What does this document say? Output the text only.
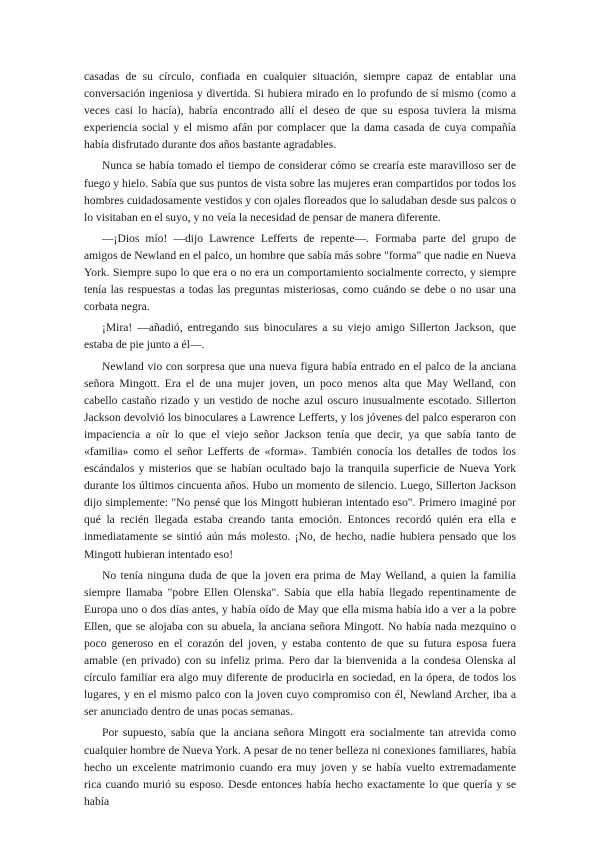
casadas de su círculo, confiada en cualquier situación, siempre capaz de entablar una conversación ingeniosa y divertida. Si hubiera mirado en lo profundo de sí mismo (como a veces casi lo hacía), habría encontrado allí el deseo de que su esposa tuviera la misma experiencia social y el mismo afán por complacer que la dama casada de cuya compañía había disfrutado durante dos años bastante agradables.

Nunca se había tomado el tiempo de considerar cómo se crearía este maravilloso ser de fuego y hielo. Sabía que sus puntos de vista sobre las mujeres eran compartidos por todos los hombres cuidadosamente vestidos y con ojales floreados que lo saludaban desde sus palcos o lo visitaban en el suyo, y no veía la necesidad de pensar de manera diferente.

—¡Dios mío! —dijo Lawrence Lefferts de repente—. Formaba parte del grupo de amigos de Newland en el palco, un hombre que sabía más sobre "forma" que nadie en Nueva York. Siempre supo lo que era o no era un comportamiento socialmente correcto, y siempre tenía las respuestas a todas las preguntas misteriosas, como cuándo se debe o no usar una corbata negra.

¡Mira! —añadió, entregando sus binoculares a su viejo amigo Sillerton Jackson, que estaba de pie junto a él—.

Newland vio con sorpresa que una nueva figura había entrado en el palco de la anciana señora Mingott. Era el de una mujer joven, un poco menos alta que May Welland, con cabello castaño rizado y un vestido de noche azul oscuro inusualmente escotado. Sillerton Jackson devolvió los binoculares a Lawrence Lefferts, y los jóvenes del palco esperaron con impaciencia a oír lo que el viejo señor Jackson tenía que decir, ya que sabía tanto de «familia» como el señor Lefferts de «forma». También conocía los detalles de todos los escándalos y misterios que se habían ocultado bajo la tranquila superficie de Nueva York durante los últimos cincuenta años. Hubo un momento de silencio. Luego, Sillerton Jackson dijo simplemente: "No pensé que los Mingott hubieran intentado eso". Primero imaginé por qué la recién llegada estaba creando tanta emoción. Entonces recordó quién era ella e inmediatamente se sintió aún más molesto. ¡No, de hecho, nadie hubiera pensado que los Mingott hubieran intentado eso!

No tenía ninguna duda de que la joven era prima de May Welland, a quien la familia siempre llamaba "pobre Ellen Olenska". Sabía que ella había llegado repentinamente de Europa uno o dos días antes, y había oído de May que ella misma había ido a ver a la pobre Ellen, que se alojaba con su abuela, la anciana señora Mingott. No había nada mezquino o poco generoso en el corazón del joven, y estaba contento de que su futura esposa fuera amable (en privado) con su infeliz prima. Pero dar la bienvenida a la condesa Olenska al círculo familiar era algo muy diferente de producirla en sociedad, en la ópera, de todos los lugares, y en el mismo palco con la joven cuyo compromiso con él, Newland Archer, iba a ser anunciado dentro de unas pocas semanas.

Por supuesto, sabía que la anciana señora Mingott era socialmente tan atrevida como cualquier hombre de Nueva York. A pesar de no tener belleza ni conexiones familiares, había hecho un excelente matrimonio cuando era muy joven y se había vuelto extremadamente rica cuando murió su esposo. Desde entonces había hecho exactamente lo que quería y se había
